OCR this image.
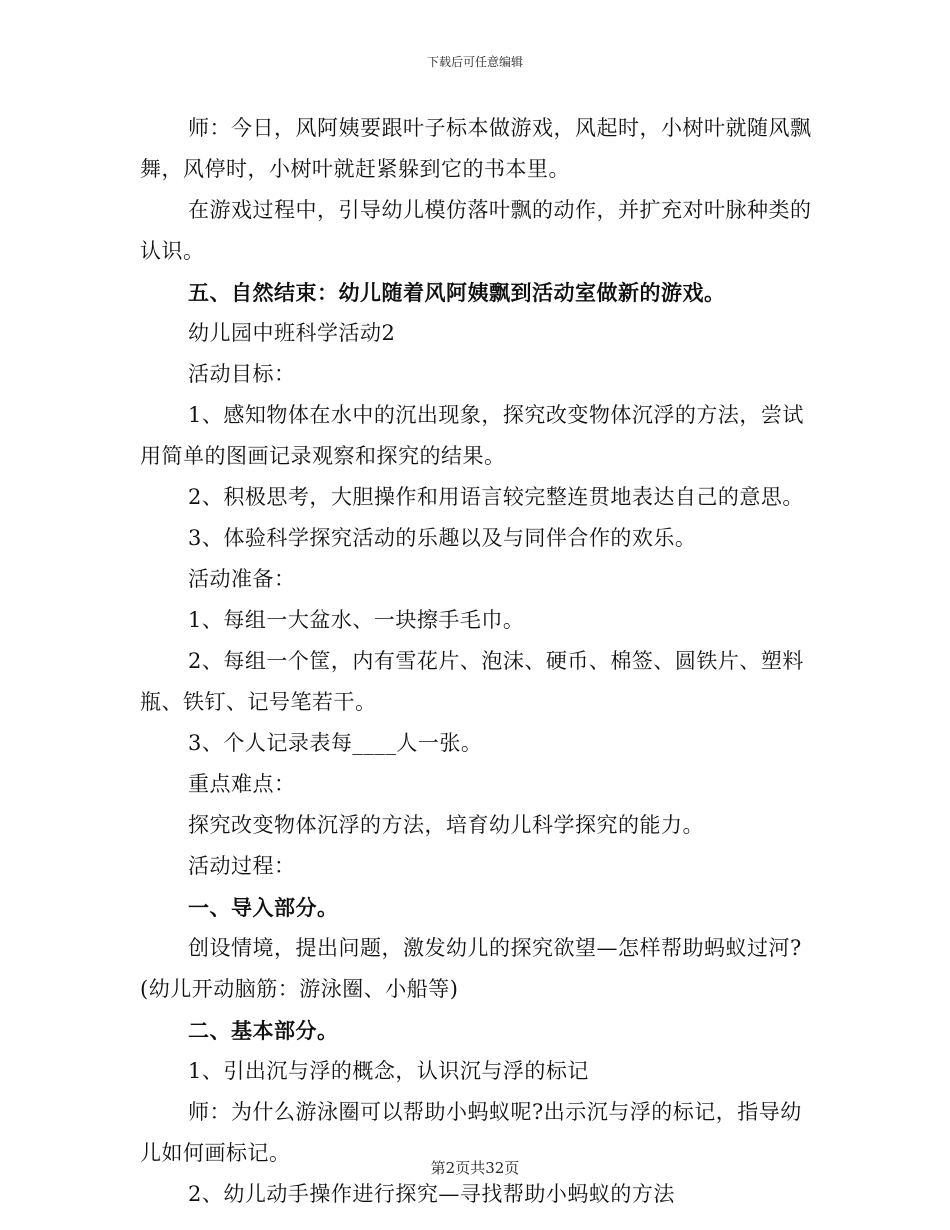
下载后可任意编辑

师：今日，风阿姨要跟叶子标本做游戏，风起时，小树叶就随风飘舞，风停时，小树叶就赶紧躲到它的书本里。

在游戏过程中，引导幼儿模仿落叶飘的动作，并扩充对叶脉种类的认识。

五、自然结束：幼儿随着风阿姨飘到活动室做新的游戏。

幼儿园中班科学活动2

活动目标：

1、感知物体在水中的沉出现象，探究改变物体沉浮的方法，尝试用简单的图画记录观察和探究的结果。

2、积极思考，大胆操作和用语言较完整连贯地表达自己的意思。

3、体验科学探究活动的乐趣以及与同伴合作的欢乐。

活动准备：

1、每组一大盆水、一块擦手毛巾。

2、每组一个筐，内有雪花片、泡沫、硬币、棉签、圆铁片、塑料瓶、铁钉、记号笔若干。

3、个人记录表每____人一张。

重点难点：

探究改变物体沉浮的方法，培育幼儿科学探究的能力。

活动过程：

一、导入部分。

创设情境，提出问题，激发幼儿的探究欲望—怎样帮助蚂蚁过河?(幼儿开动脑筋：游泳圈、小船等)

二、基本部分。

1、引出沉与浮的概念，认识沉与浮的标记

师：为什么游泳圈可以帮助小蚂蚁呢?出示沉与浮的标记，指导幼儿如何画标记。

2、幼儿动手操作进行探究—寻找帮助小蚂蚁的方法

第2页共32页
